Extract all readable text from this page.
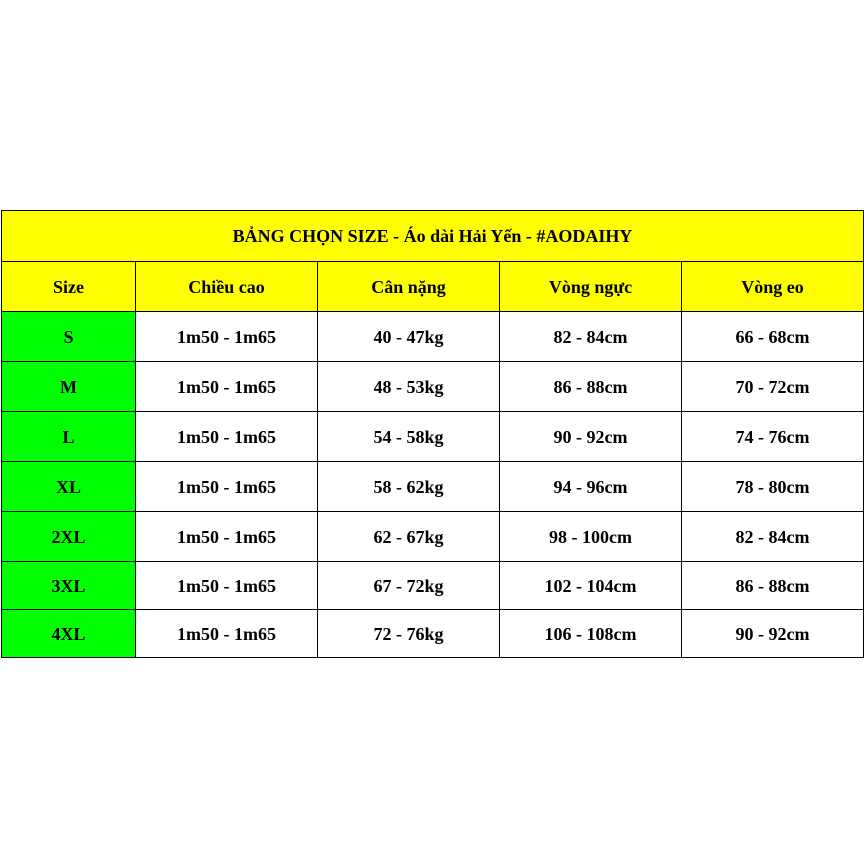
BẢNG CHỌN SIZE - Áo dài Hải Yến - #AODAIHY				
Size	Chiều cao	Cân nặng	Vòng ngực	Vòng eo
S	1m50 - 1m65	40 - 47kg	82 - 84cm	66 - 68cm
M	1m50 - 1m65	48 - 53kg	86 - 88cm	70 - 72cm
L	1m50 - 1m65	54 - 58kg	90 - 92cm	74 - 76cm
XL	1m50 - 1m65	58 - 62kg	94 - 96cm	78 - 80cm
2XL	1m50 - 1m65	62 - 67kg	98 - 100cm	82 - 84cm
3XL	1m50 - 1m65	67 - 72kg	102 - 104cm	86 - 88cm
4XL	1m50 - 1m65	72 - 76kg	106 - 108cm	90 - 92cm
